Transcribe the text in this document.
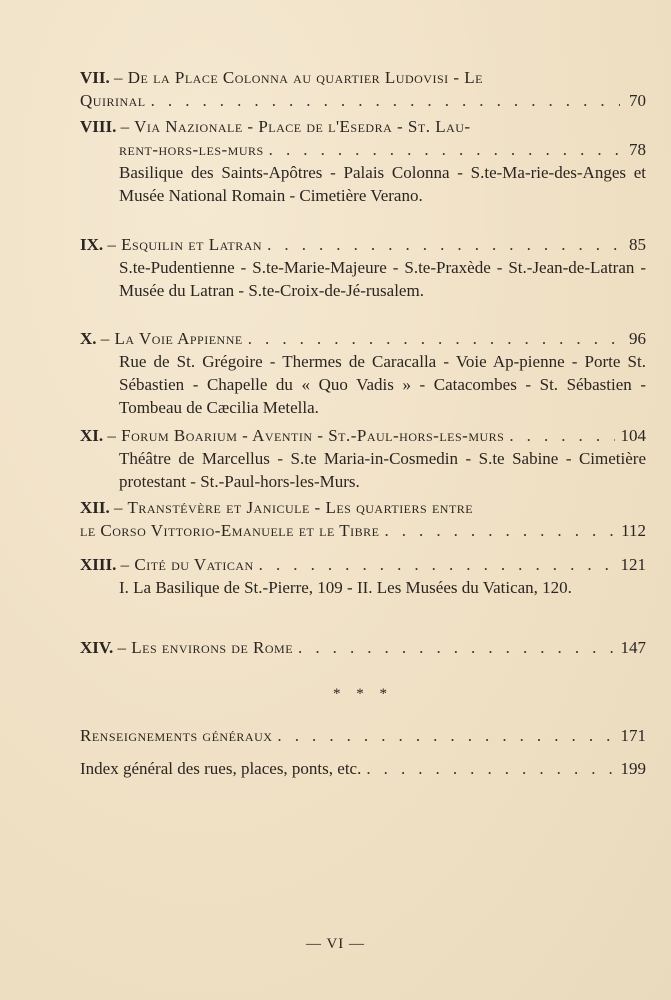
VII. – De la Place Colonna au quartier Ludovisi - Le
Quirinal . . .	70
VIII. – Via Nazionale - Place de l'Esedra - St. Lau-
rent-hors-les-murs . . .	78
Basilique des Saints-Apôtres - Palais Colonna - S.te-Ma-rie-des-Anges et Musée National Romain - Cimetière Verano.
IX. – Esquilin et Latran . . .	85
S.te-Pudentienne - S.te-Marie-Majeure - S.te-Praxède - St.-Jean-de-Latran - Musée du Latran - S.te-Croix-de-Jé-rusalem.
X. – La Voie Appienne . . .	96
Rue de St. Grégoire - Thermes de Caracalla - Voie Ap-pienne - Porte St. Sébastien - Chapelle du « Quo Vadis » - Catacombes - St. Sébastien - Tombeau de Cæcilia Metella.
XI. – Forum Boarium - Aventin - St.-Paul-hors-les-murs . . .	104
Théâtre de Marcellus - S.te Maria-in-Cosmedin - S.te Sabine - Cimetière protestant - St.-Paul-hors-les-Murs.
XII. – Transtévère et Janicule - Les quartiers entre
le Corso Vittorio-Emanuele et le Tibre . . .	112
XIII. – Cité du Vatican . . .	121
I. La Basilique de St.-Pierre, 109 - II. Les Musées du Vatican, 120.
XIV. – Les environs de Rome . . .	147
* * *
Renseignements généraux . . .	171
Index général des rues, places, ponts, etc. . . .	199
— VI —
